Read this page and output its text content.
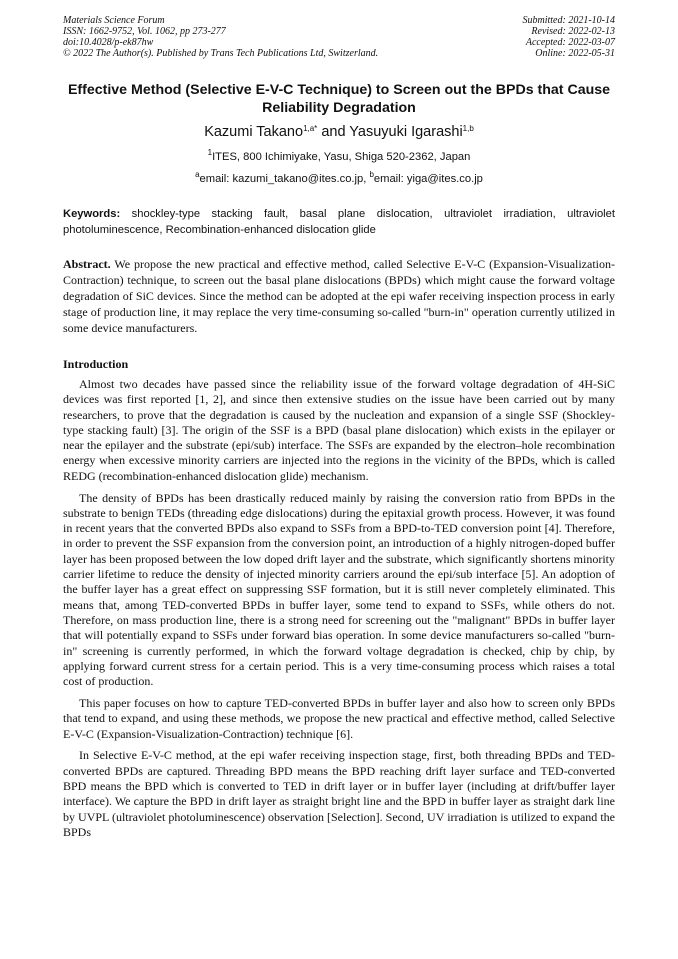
Materials Science Forum
ISSN: 1662-9752, Vol. 1062, pp 273-277
doi:10.4028/p-ek87hw
© 2022 The Author(s). Published by Trans Tech Publications Ltd, Switzerland.
Submitted: 2021-10-14
Revised: 2022-02-13
Accepted: 2022-03-07
Online: 2022-05-31
Effective Method (Selective E-V-C Technique) to Screen out the BPDs that Cause Reliability Degradation
Kazumi Takano$^{1,a*}$ and Yasuyuki Igarashi$^{1,b}$
$^1$ITES, 800 Ichimiyake, Yasu, Shiga 520-2362, Japan
$^a$email: kazumi_takano@ites.co.jp, $^b$email: yiga@ites.co.jp
Keywords: shockley-type stacking fault, basal plane dislocation, ultraviolet irradiation, ultraviolet photoluminescence, Recombination-enhanced dislocation glide
Abstract. We propose the new practical and effective method, called Selective E-V-C (Expansion-Visualization- Contraction) technique, to screen out the basal plane dislocations (BPDs) which might cause the forward voltage degradation of SiC devices. Since the method can be adopted at the epi wafer receiving inspection process in early stage of production line, it may replace the very time-consuming so-called "burn-in" operation currently utilized in some device manufacturers.
Introduction

Almost two decades have passed since the reliability issue of the forward voltage degradation of 4H-SiC devices was first reported [1, 2], and since then extensive studies on the issue have been carried out by many researchers, to prove that the degradation is caused by the nucleation and expansion of a single SSF (Shockley-type stacking fault) [3]. The origin of the SSF is a BPD (basal plane dislocation) which exists in the epilayer or near the epilayer and the substrate (epi/sub) interface. The SSFs are expanded by the electron–hole recombination energy when excessive minority carriers are injected into the regions in the vicinity of the BPDs, which is called REDG (recombination-enhanced dislocation glide) mechanism.

The density of BPDs has been drastically reduced mainly by raising the conversion ratio from BPDs in the substrate to benign TEDs (threading edge dislocations) during the epitaxial growth process. However, it was found in recent years that the converted BPDs also expand to SSFs from a BPD-to-TED conversion point [4]. Therefore, in order to prevent the SSF expansion from the conversion point, an introduction of a highly nitrogen-doped buffer layer has been proposed between the low doped drift layer and the substrate, which significantly shortens minority carrier lifetime to reduce the density of injected minority carriers around the epi/sub interface [5]. An adoption of the buffer layer has a great effect on suppressing SSF formation, but it is still never completely eliminated. This means that, among TED-converted BPDs in buffer layer, some tend to expand to SSFs, while others do not. Therefore, on mass production line, there is a strong need for screening out the "malignant" BPDs in buffer layer that will potentially expand to SSFs under forward bias operation. In some device manufacturers so-called "burn-in" screening is currently performed, in which the forward voltage degradation is checked, chip by chip, by applying forward current stress for a certain period. This is a very time-consuming process which raises a total cost of production.

This paper focuses on how to capture TED-converted BPDs in buffer layer and also how to screen only BPDs that tend to expand, and using these methods, we propose the new practical and effective method, called Selective E-V-C (Expansion-Visualization-Contraction) technique [6].

In Selective E-V-C method, at the epi wafer receiving inspection stage, first, both threading BPDs and TED-converted BPDs are captured. Threading BPD means the BPD reaching drift layer surface and TED-converted BPD means the BPD which is converted to TED in drift layer or in buffer layer (including at drift/buffer layer interface). We capture the BPD in drift layer as straight bright line and the BPD in buffer layer as straight dark line by UVPL (ultraviolet photoluminescence) observation [Selection]. Second, UV irradiation is utilized to expand the BPDs
